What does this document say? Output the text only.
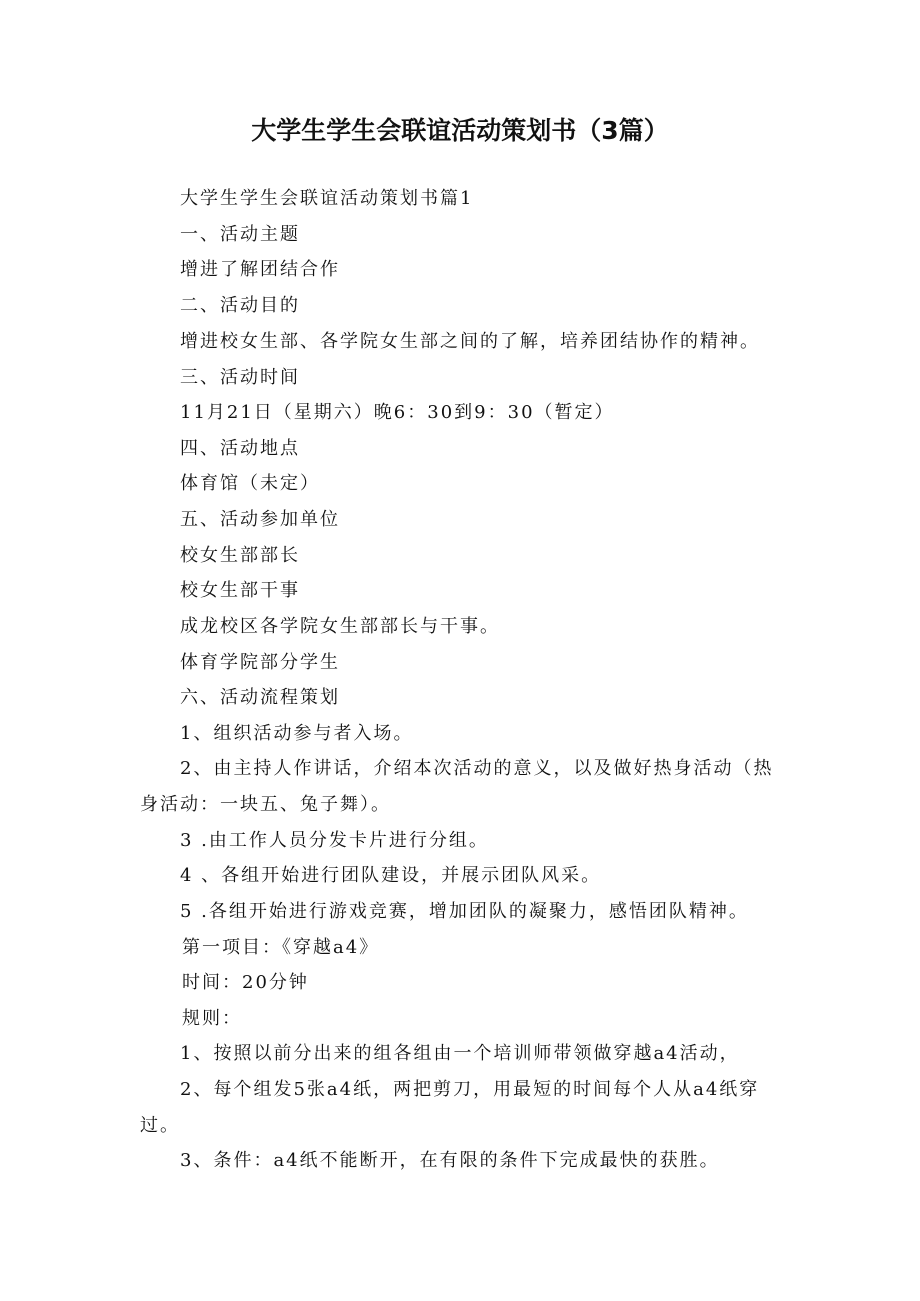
大学生学生会联谊活动策划书（3篇）
大学生学生会联谊活动策划书篇1
一、活动主题
增进了解团结合作
二、活动目的
增进校女生部、各学院女生部之间的了解，培养团结协作的精神。
三、活动时间
11月21日（星期六）晚6：30到9：30（暂定）
四、活动地点
体育馆（未定）
五、活动参加单位
校女生部部长
校女生部干事
成龙校区各学院女生部部长与干事。
体育学院部分学生
六、活动流程策划
1、组织活动参与者入场。
2、由主持人作讲话，介绍本次活动的意义，以及做好热身活动（热
身活动：一块五、兔子舞）。
3 .由工作人员分发卡片进行分组。
4 、各组开始进行团队建设，并展示团队风采。
5 .各组开始进行游戏竞赛，增加团队的凝聚力，感悟团队精神。
第一项目：《穿越a4》
时间：20分钟
规则：
1、按照以前分出来的组各组由一个培训师带领做穿越a4活动，
2、每个组发5张a4纸，两把剪刀，用最短的时间每个人从a4纸穿
过。
3、条件：a4纸不能断开，在有限的条件下完成最快的获胜。
